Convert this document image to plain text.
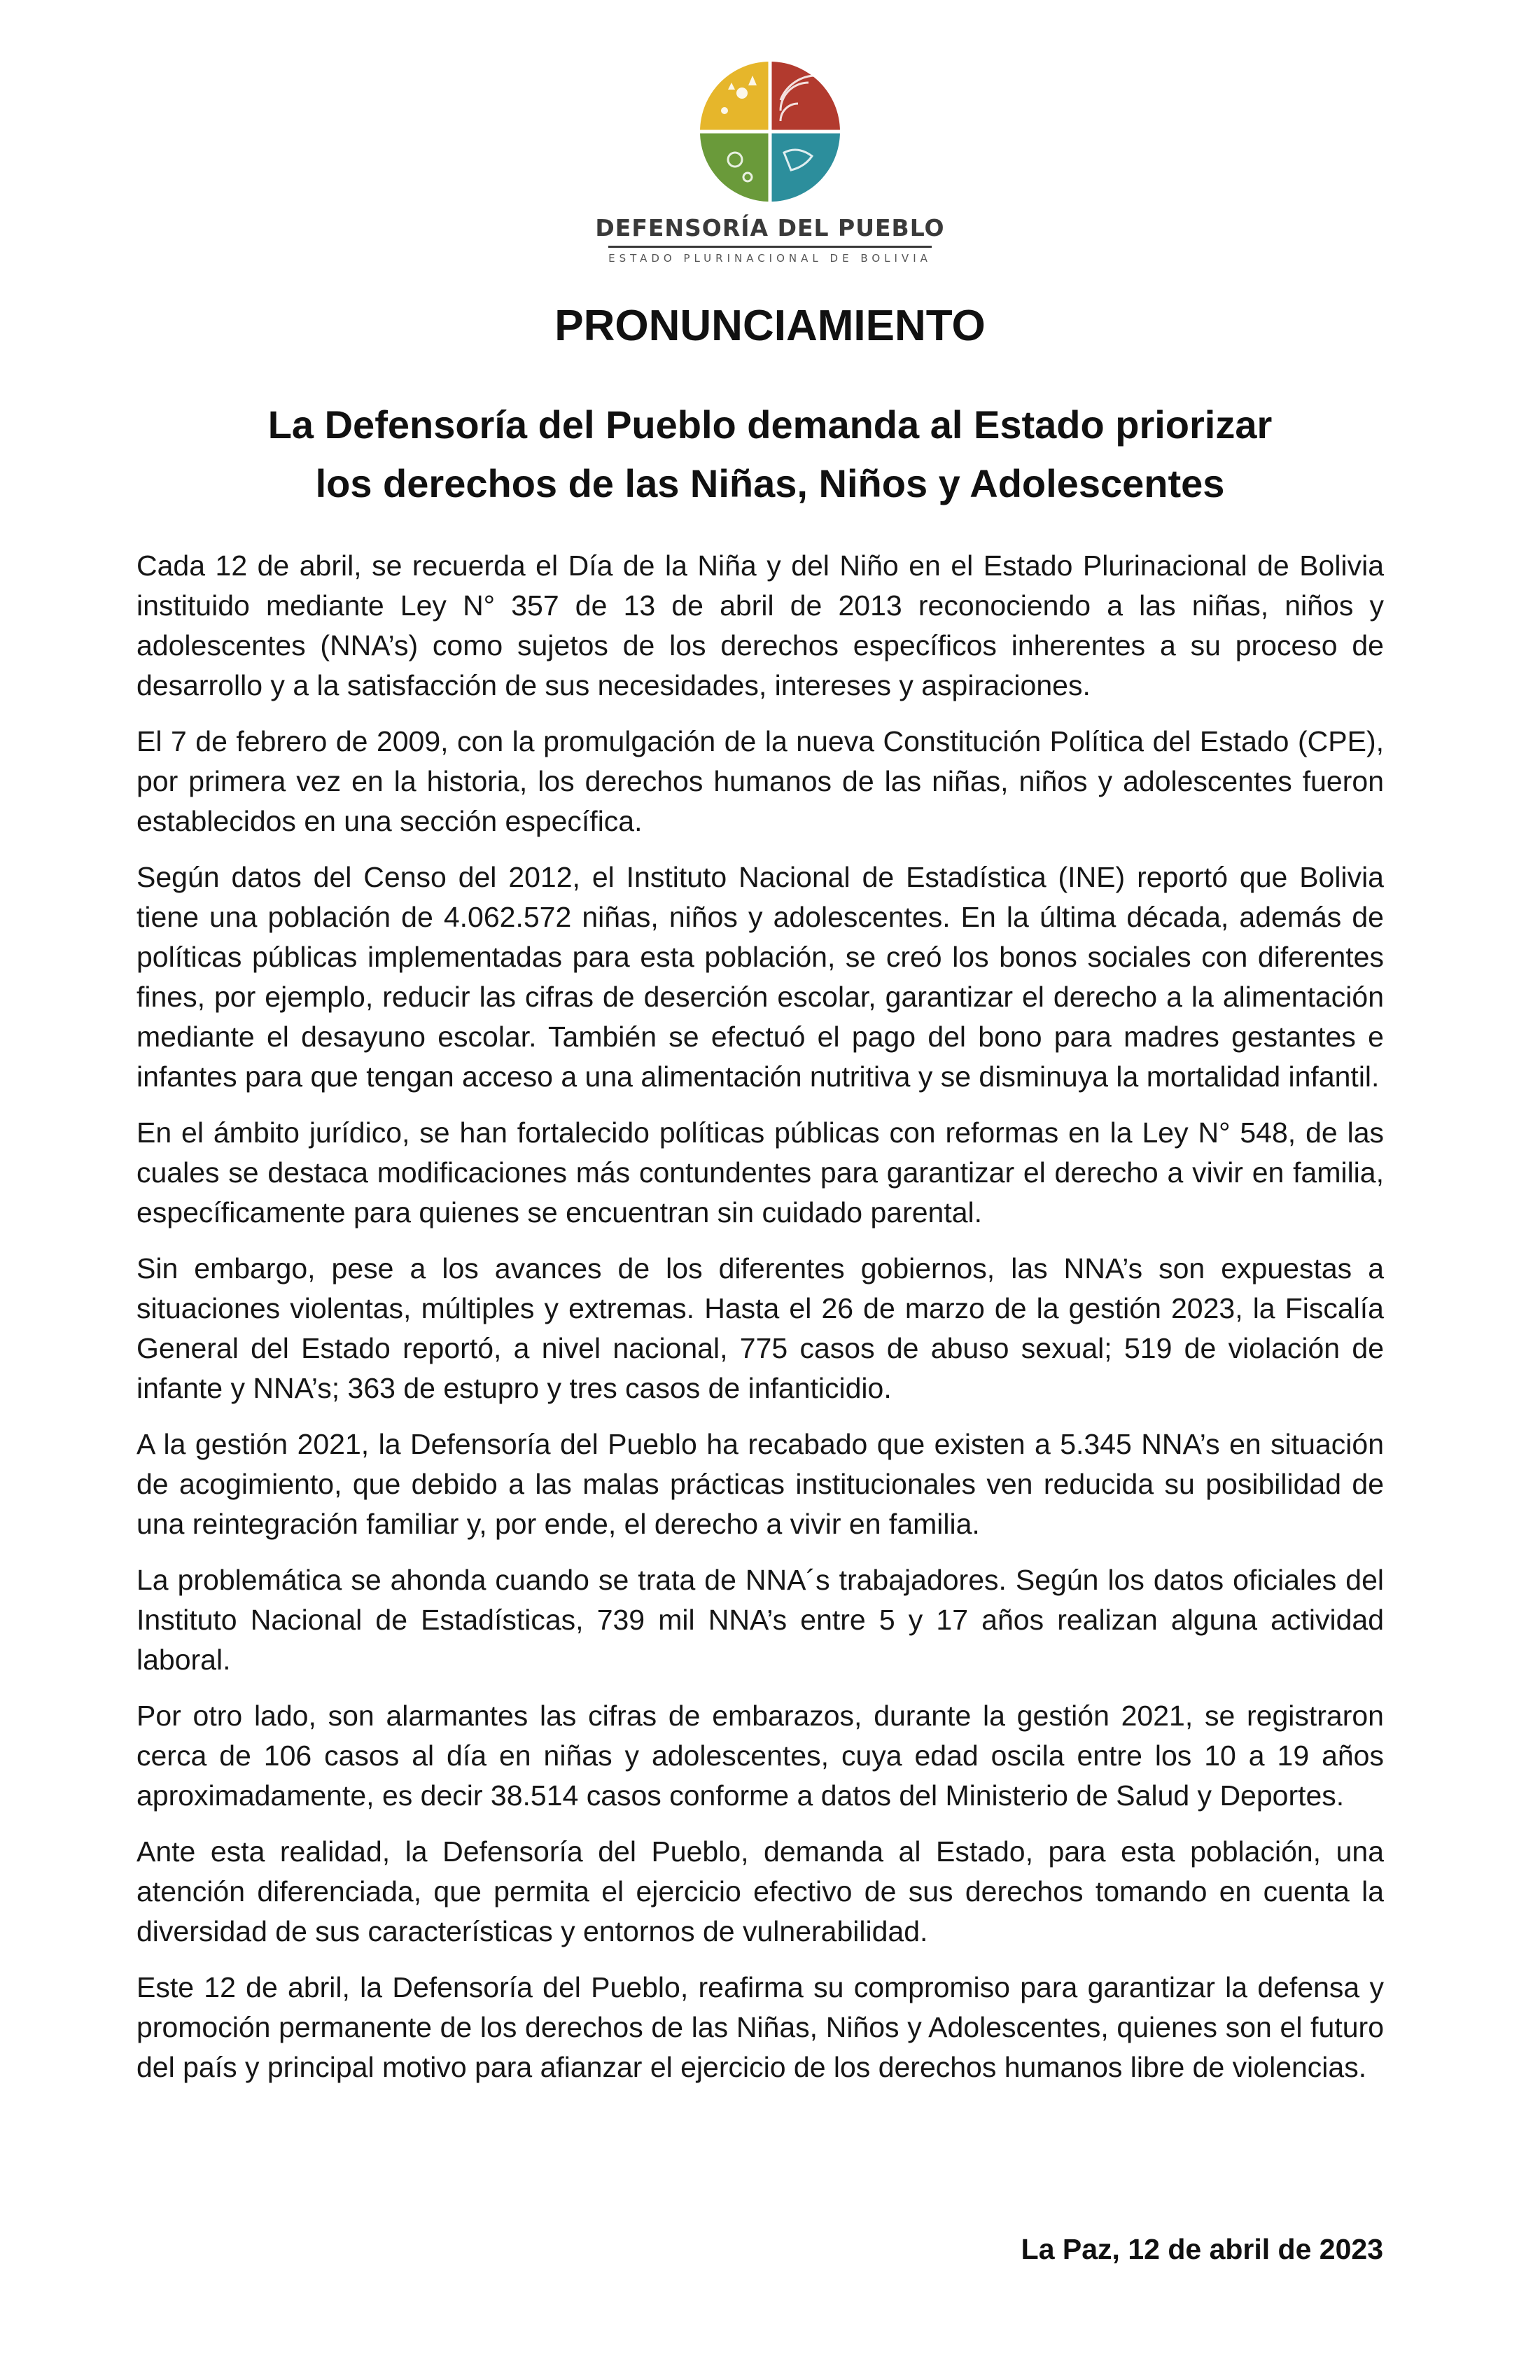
DEFENSORÍA DEL PUEBLO
ESTADO PLURINACIONAL DE BOLIVIA
PRONUNCIAMIENTO
La Defensoría del Pueblo demanda al Estado priorizar
los derechos de las Niñas, Niños y Adolescentes

Cada 12 de abril, se recuerda el Día de la Niña y del Niño en el Estado Plurinacional de Bolivia instituido mediante Ley N° 357 de 13 de abril de 2013 reconociendo a las niñas, niños y adolescentes (NNA’s) como sujetos de los derechos específicos inherentes a su proceso de desarrollo y a la satisfacción de sus necesidades, intereses y aspiraciones.

El 7 de febrero de 2009, con la promulgación de la nueva Constitución Política del Estado (CPE), por primera vez en la historia, los derechos humanos de las niñas, niños y adolescentes fueron establecidos en una sección específica.

Según datos del Censo del 2012, el Instituto Nacional de Estadística (INE) reportó que Bolivia tiene una población de 4.062.572 niñas, niños y adolescentes. En la última década, además de políticas públicas implementadas para esta población, se creó los bonos sociales con diferentes fines, por ejemplo, reducir las cifras de deserción escolar, garantizar el derecho a la alimentación mediante el desayuno escolar. También se efectuó el pago del bono para madres gestantes e infantes para que tengan acceso a una alimentación nutritiva y se disminuya la mortalidad infantil.

En el ámbito jurídico, se han fortalecido políticas públicas con reformas en la Ley N° 548, de las cuales se destaca modificaciones más contundentes para garantizar el derecho a vivir en familia, específicamente para quienes se encuentran sin cuidado parental.

Sin embargo, pese a los avances de los diferentes gobiernos, las NNA’s son expuestas a situaciones violentas, múltiples y extremas. Hasta el 26 de marzo de la gestión 2023, la Fiscalía General del Estado reportó, a nivel nacional, 775 casos de abuso sexual; 519 de violación de infante y NNA’s; 363 de estupro y tres casos de infanticidio.

A la gestión 2021, la Defensoría del Pueblo ha recabado que existen a 5.345 NNA’s en situación de acogimiento, que debido a las malas prácticas institucionales ven reducida su posibilidad de una reintegración familiar y, por ende, el derecho a vivir en familia.

La problemática se ahonda cuando se trata de NNA´s trabajadores. Según los datos oficiales del Instituto Nacional de Estadísticas, 739 mil NNA’s entre 5 y 17 años realizan alguna actividad laboral.

Por otro lado, son alarmantes las cifras de embarazos, durante la gestión 2021, se registraron cerca de 106 casos al día en niñas y adolescentes, cuya edad oscila entre los 10 a 19 años aproximadamente, es decir 38.514 casos conforme a datos del Ministerio de Salud y Deportes.

Ante esta realidad, la Defensoría del Pueblo, demanda al Estado, para esta población, una atención diferenciada, que permita el ejercicio efectivo de sus derechos tomando en cuenta la diversidad de sus características y entornos de vulnerabilidad.

Este 12 de abril, la Defensoría del Pueblo, reafirma su compromiso para garantizar la defensa y promoción permanente de los derechos de las Niñas, Niños y Adolescentes, quienes son el futuro del país y principal motivo para afianzar el ejercicio de los derechos humanos libre de violencias.

La Paz, 12 de abril de 2023
